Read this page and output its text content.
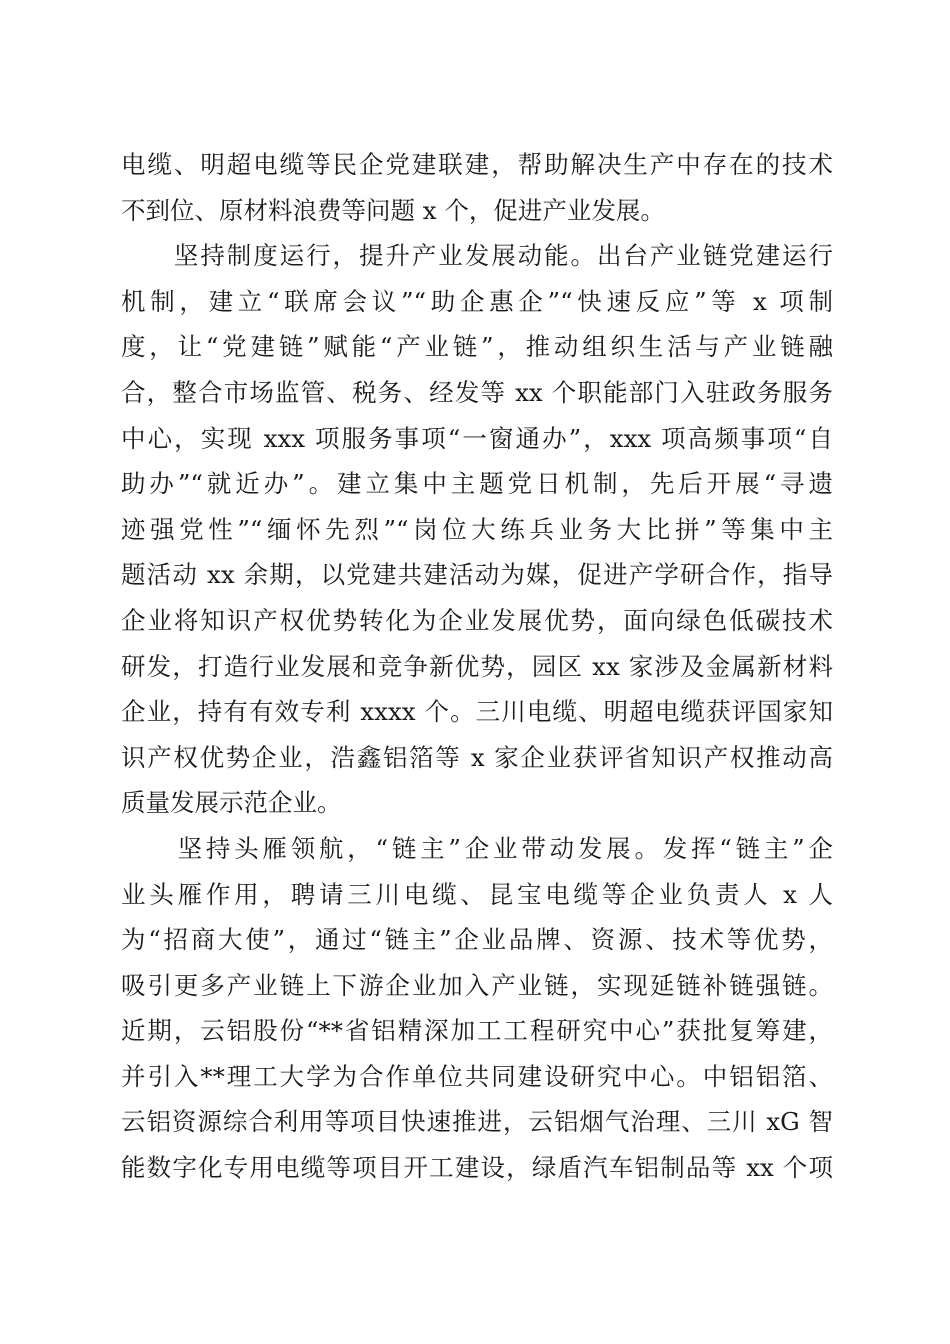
电缆、明超电缆等民企党建联建，帮助解决生产中存在的技术
不到位、原材料浪费等问题 x 个，促进产业发展。
　　坚持制度运行，提升产业发展动能。出台产业链党建运行
机制，建立“联席会议”“助企惠企”“快速反应”等 x 项制
度，让“党建链”赋能“产业链”，推动组织生活与产业链融
合，整合市场监管、税务、经发等 xx 个职能部门入驻政务服务
中心，实现 xxx 项服务事项“一窗通办”，xxx 项高频事项“自
助办”“就近办”。建立集中主题党日机制，先后开展“寻遗
迹强党性”“缅怀先烈”“岗位大练兵业务大比拼”等集中主
题活动 xx 余期，以党建共建活动为媒，促进产学研合作，指导
企业将知识产权优势转化为企业发展优势，面向绿色低碳技术
研发，打造行业发展和竞争新优势，园区 xx 家涉及金属新材料
企业，持有有效专利 xxxx 个。三川电缆、明超电缆获评国家知
识产权优势企业，浩鑫铝箔等 x 家企业获评省知识产权推动高
质量发展示范企业。
　　坚持头雁领航，“链主”企业带动发展。发挥“链主”企
业头雁作用，聘请三川电缆、昆宝电缆等企业负责人 x 人
为“招商大使”，通过“链主”企业品牌、资源、技术等优势，
吸引更多产业链上下游企业加入产业链，实现延链补链强链。
近期，云铝股份“**省铝精深加工工程研究中心”获批复筹建，
并引入**理工大学为合作单位共同建设研究中心。中铝铝箔、
云铝资源综合利用等项目快速推进，云铝烟气治理、三川 xG 智
能数字化专用电缆等项目开工建设，绿盾汽车铝制品等 xx 个项
